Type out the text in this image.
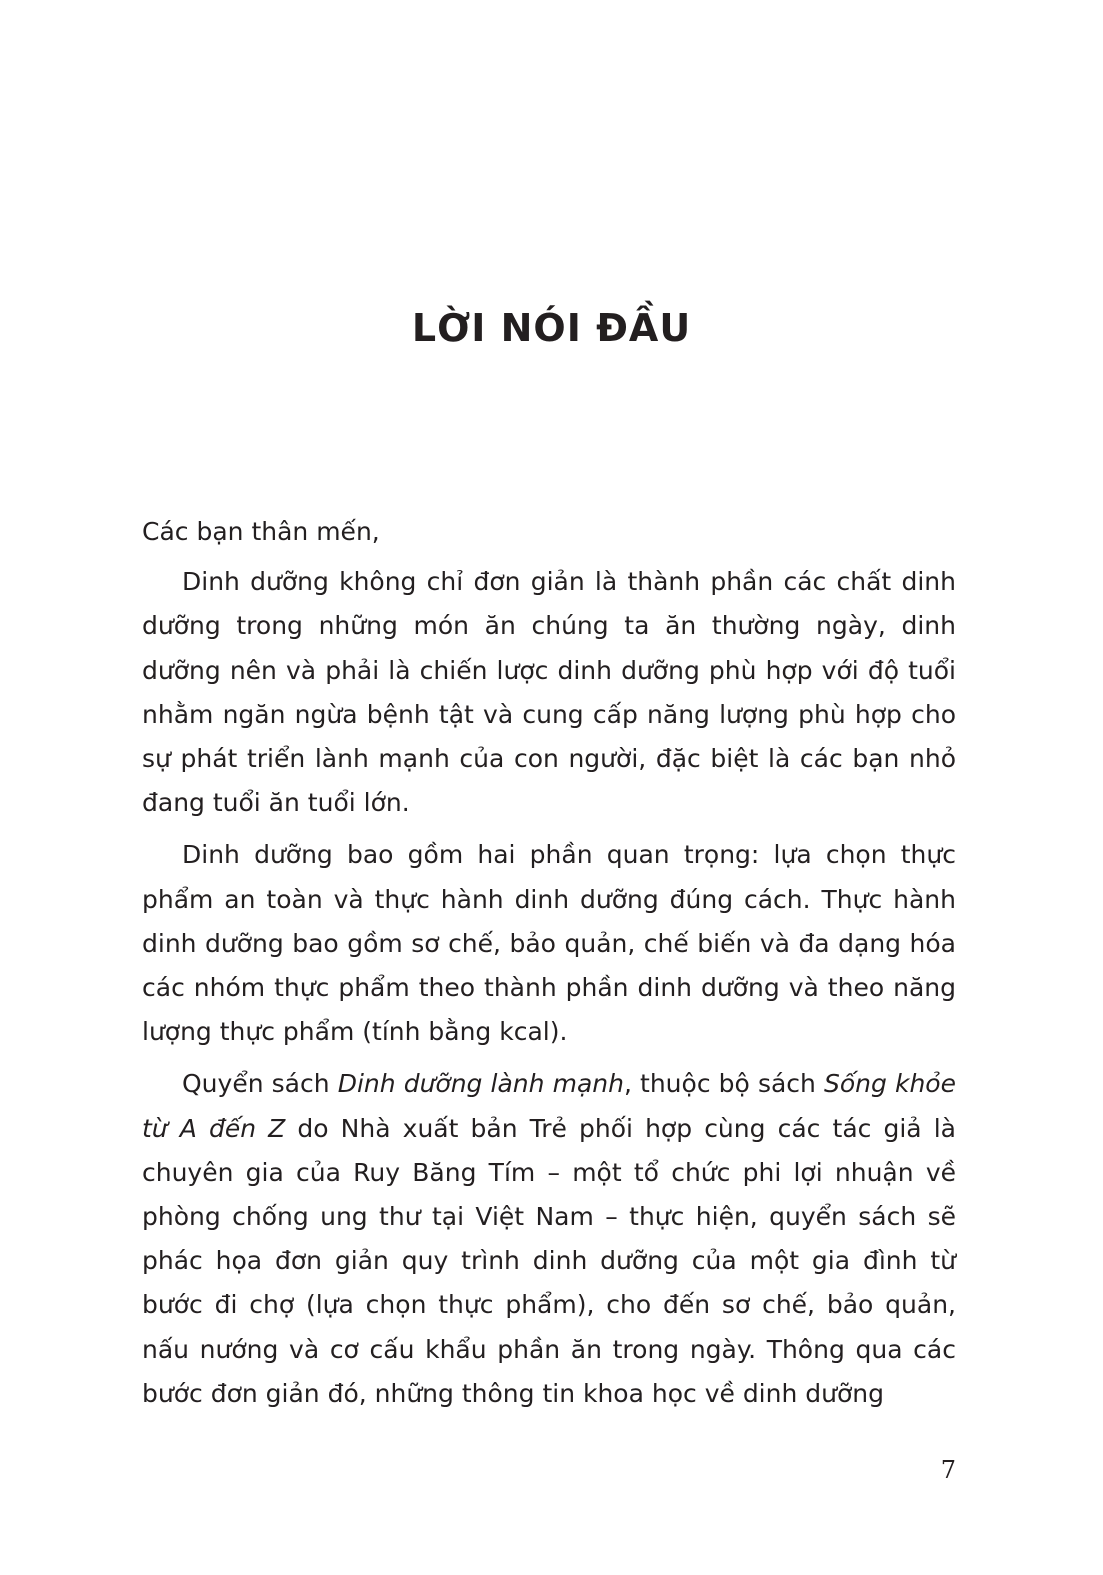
LỜI NÓI ĐẦU

Các bạn thân mến,

Dinh dưỡng không chỉ đơn giản là thành phần các chất dinh dưỡng trong những món ăn chúng ta ăn thường ngày, dinh dưỡng nên và phải là chiến lược dinh dưỡng phù hợp với độ tuổi nhằm ngăn ngừa bệnh tật và cung cấp năng lượng phù hợp cho sự phát triển lành mạnh của con người, đặc biệt là các bạn nhỏ đang tuổi ăn tuổi lớn.

Dinh dưỡng bao gồm hai phần quan trọng: lựa chọn thực phẩm an toàn và thực hành dinh dưỡng đúng cách. Thực hành dinh dưỡng bao gồm sơ chế, bảo quản, chế biến và đa dạng hóa các nhóm thực phẩm theo thành phần dinh dưỡng và theo năng lượng thực phẩm (tính bằng kcal).

Quyển sách Dinh dưỡng lành mạnh, thuộc bộ sách Sống khỏe từ A đến Z do Nhà xuất bản Trẻ phối hợp cùng các tác giả là chuyên gia của Ruy Băng Tím – một tổ chức phi lợi nhuận về phòng chống ung thư tại Việt Nam – thực hiện, quyển sách sẽ phác họa đơn giản quy trình dinh dưỡng của một gia đình từ bước đi chợ (lựa chọn thực phẩm), cho đến sơ chế, bảo quản, nấu nướng và cơ cấu khẩu phần ăn trong ngày. Thông qua các bước đơn giản đó, những thông tin khoa học về dinh dưỡng

7
